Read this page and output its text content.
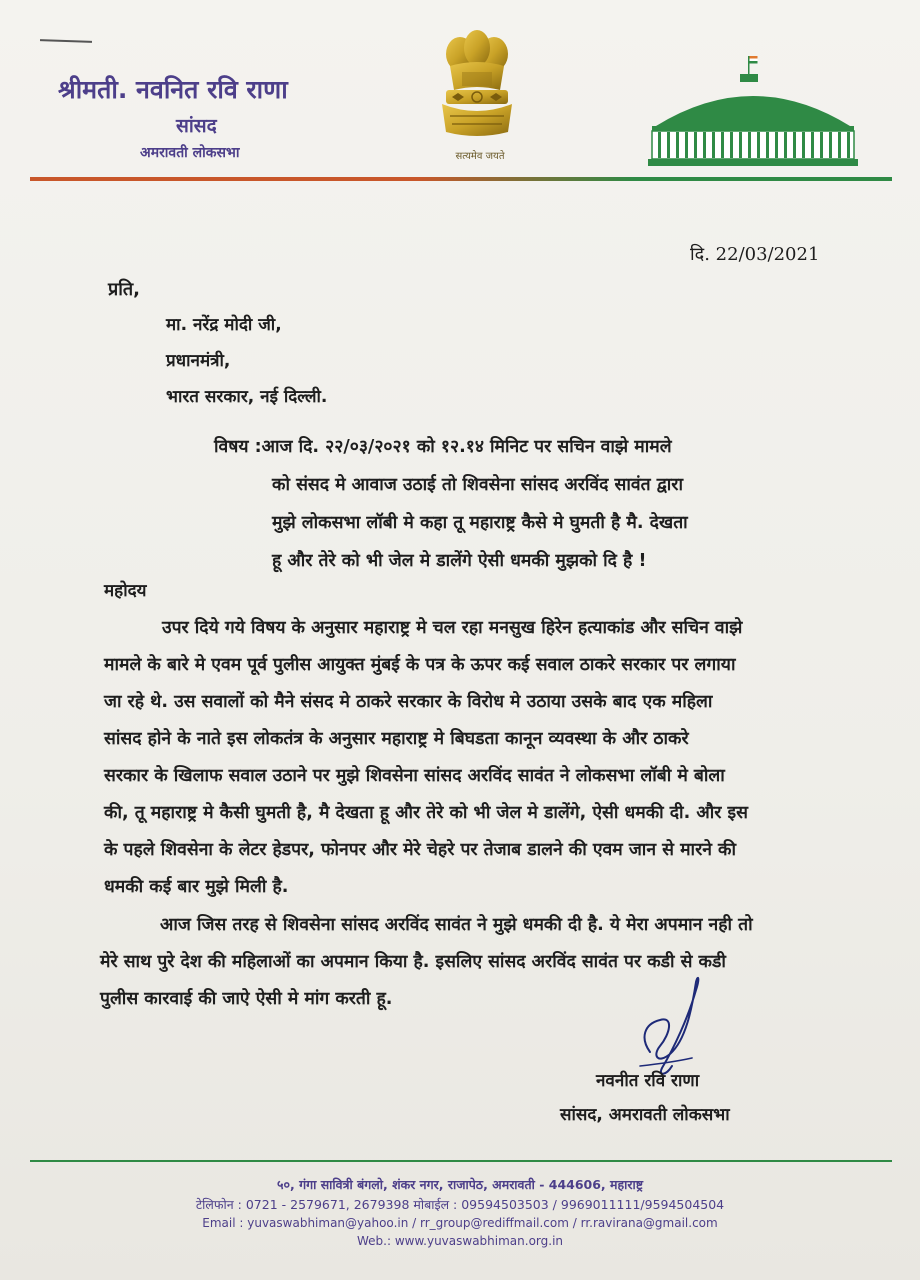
श्रीमती. नवनित रवि राणा
सांसद
अमरावती लोकसभा	सत्यमेव जयते
दि. 22/03/2021
प्रति,
मा. नरेंद्र मोदी जी,
प्रधानमंत्री,
भारत सरकार, नई दिल्ली.
विषय :आज दि. २२/०३/२०२१ को १२.१४ मिनिट पर सचिन वाझे मामले
को संसद मे आवाज उठाई तो शिवसेना सांसद अरविंद सावंत द्वारा
मुझे लोकसभा लॉबी मे कहा तू महाराष्ट्र कैसे मे घुमती है मै. देखता
हू और तेरे को भी जेल मे डालेंगे ऐसी धमकी मुझको दि है !
महोदय
उपर दिये गये विषय के अनुसार महाराष्ट्र मे चल रहा मनसुख हिरेन हत्याकांड और सचिन वाझे
मामले के बारे मे एवम पूर्व पुलीस आयुक्त मुंबई के पत्र के ऊपर कई सवाल ठाकरे सरकार पर लगाया
जा रहे थे. उस सवालों को मैने संसद मे ठाकरे सरकार के विरोध मे उठाया उसके बाद एक महिला
सांसद होने के नाते इस लोकतंत्र के अनुसार महाराष्ट्र मे बिघडता कानून व्यवस्था के और ठाकरे
सरकार के खिलाफ सवाल उठाने पर मुझे शिवसेना सांसद अरविंद सावंत ने लोकसभा लॉबी मे बोला
की, तू महाराष्ट्र मे कैसी घुमती है, मै देखता हू और तेरे को भी जेल मे डालेंगे, ऐसी धमकी दी. और इस
के पहले शिवसेना के लेटर हेडपर, फोनपर और मेरे चेहरे पर तेजाब डालने की एवम जान से मारने की
धमकी कई बार मुझे मिली है.
आज जिस तरह से शिवसेना सांसद अरविंद सावंत ने मुझे धमकी दी है. ये मेरा अपमान नही तो
मेरे साथ पुरे देश की महिलाओं का अपमान किया है. इसलिए सांसद अरविंद सावंत पर कडी से कडी
पुलीस कारवाई की जाऐ ऐसी मे मांग करती हू.
नवनीत रवि राणा
सांसद, अमरावती लोकसभा
५०, गंगा सावित्री बंगलो, शंकर नगर, राजापेठ, अमरावती - 444606, महाराष्ट्र
टेलिफोन : 0721 - 2579671, 2679398 मोबाईल : 09594503503 / 9969011111/9594504504
Email : yuvaswabhiman@yahoo.in / rr_group@rediffmail.com / rr.ravirana@gmail.com
Web.: www.yuvaswabhiman.org.in
